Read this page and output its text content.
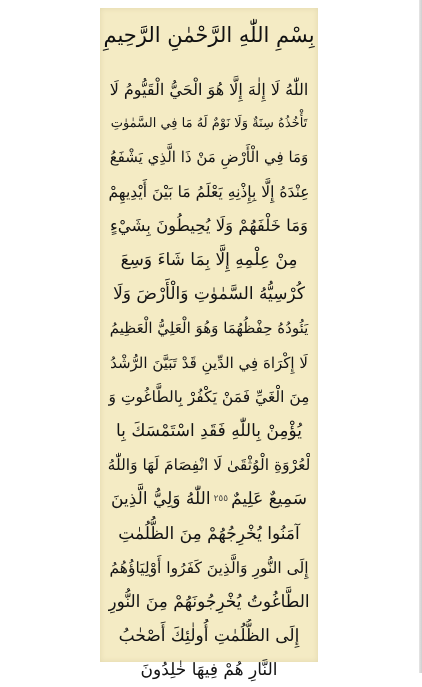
بِسْمِ اللّٰهِ الرَّحْمٰنِ الرَّحِيمِ
اللّٰهُ لَا إِلٰهَ إِلَّا هُوَ الْحَيُّ الْقَيُّومُ لَا
تَأْخُذُهُ سِنَةٌ وَلَا نَوْمٌ لَهُ مَا فِي السَّمٰوٰتِ
وَمَا فِي الْأَرْضِ مَنْ ذَا الَّذِي يَشْفَعُ
عِنْدَهُ إِلَّا بِإِذْنِهِ يَعْلَمُ مَا بَيْنَ أَيْدِيهِمْ
وَمَا خَلْفَهُمْ وَلَا يُحِيطُونَ بِشَيْءٍ
مِنْ عِلْمِهِ إِلَّا بِمَا شَاءَ وَسِعَ
كُرْسِيُّهُ السَّمٰوٰتِ وَالْأَرْضَ وَلَا
يَئُودُهُ حِفْظُهُمَا وَهُوَ الْعَلِيُّ الْعَظِيمُ
لَا إِكْرَاهَ فِي الدِّينِ قَدْ تَبَيَّنَ الرُّشْدُ
مِنَ الْغَيِّ فَمَنْ يَكْفُرْ بِالطَّاغُوتِ وَ
يُؤْمِنْ بِاللّٰهِ فَقَدِ اسْتَمْسَكَ بِا
لْعُرْوَةِ الْوُثْقَىٰ لَا انْفِصَامَ لَهَا وَاللّٰهُ
سَمِيعٌ عَلِيمٌ
٢٥٥
اللّٰهُ وَلِيُّ الَّذِينَ
آمَنُوا يُخْرِجُهُمْ مِنَ الظُّلُمٰتِ
إِلَى النُّورِ وَالَّذِينَ كَفَرُوا أَوْلِيَاؤُهُمُ
الطَّاغُوتُ يُخْرِجُونَهُمْ مِنَ النُّورِ
إِلَى الظُّلُمٰتِ أُولٰئِكَ أَصْحٰبُ
النَّارِ هُمْ فِيهَا خٰلِدُونَ
